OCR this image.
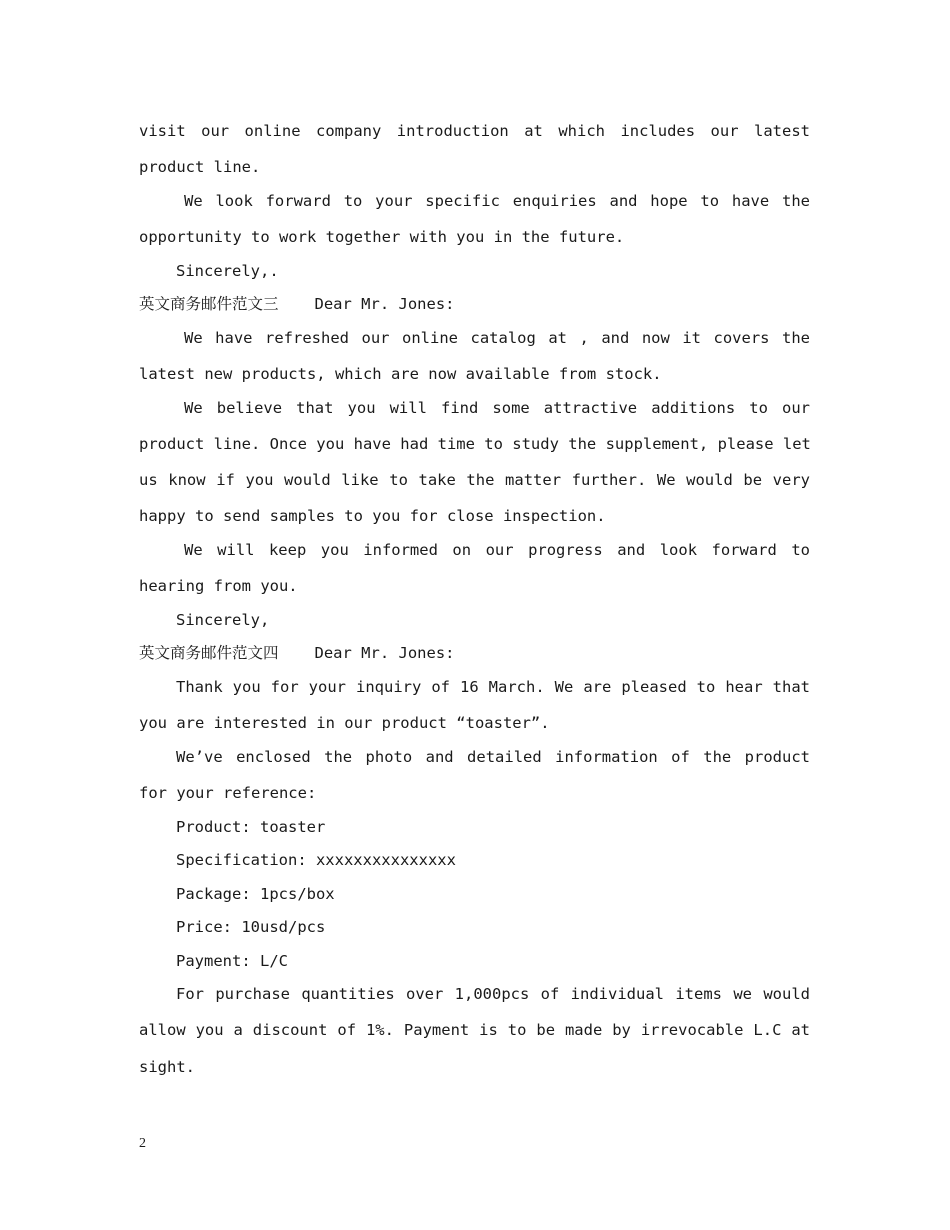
visit our online company introduction at which includes our latest
product line.
We look forward to your specific enquiries and hope to have the
opportunity to work together with you in the future.
Sincerely,.
英文商务邮件范文三 Dear Mr. Jones:
We have refreshed our online catalog at , and now it covers the
latest new products, which are now available from stock.
We believe that you will find some attractive additions to our
product line. Once you have had time to study the supplement, please let
us know if you would like to take the matter further. We would be very
happy to send samples to you for close inspection.
We will keep you informed on our progress and look forward to
hearing from you.
Sincerely,
英文商务邮件范文四 Dear Mr. Jones:
Thank you for your inquiry of 16 March. We are pleased to hear that
you are interested in our product “toaster”.
We’ve enclosed the photo and detailed information of the product
for your reference:
Product: toaster
Specification: xxxxxxxxxxxxxxx
Package: 1pcs/box
Price: 10usd/pcs
Payment: L/C
For purchase quantities over 1,000pcs of individual items we would
allow you a discount of 1%. Payment is to be made by irrevocable L.C at
sight.
2
